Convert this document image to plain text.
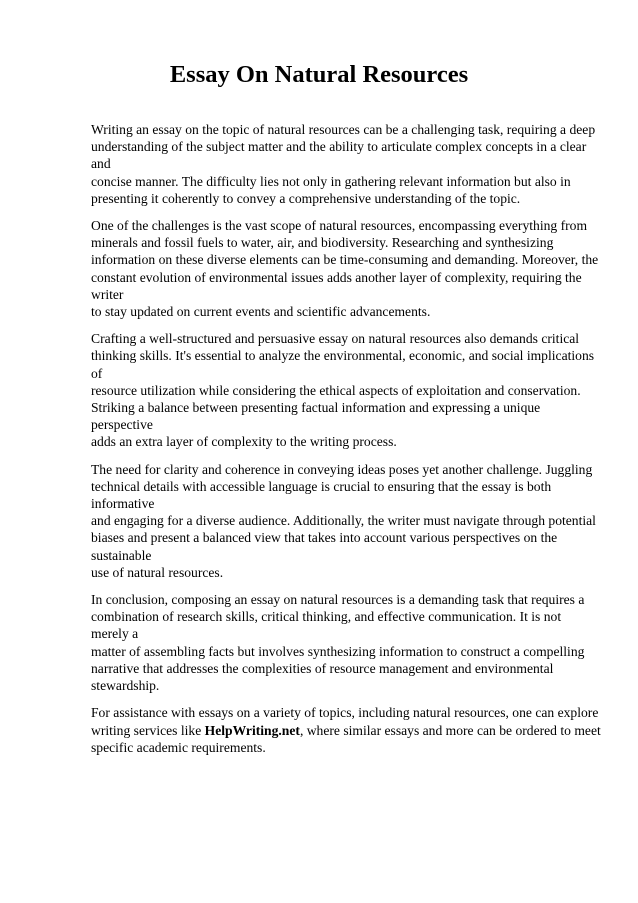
Essay On Natural Resources

Writing an essay on the topic of natural resources can be a challenging task, requiring a deep
understanding of the subject matter and the ability to articulate complex concepts in a clear and
concise manner. The difficulty lies not only in gathering relevant information but also in
presenting it coherently to convey a comprehensive understanding of the topic.

One of the challenges is the vast scope of natural resources, encompassing everything from
minerals and fossil fuels to water, air, and biodiversity. Researching and synthesizing
information on these diverse elements can be time-consuming and demanding. Moreover, the
constant evolution of environmental issues adds another layer of complexity, requiring the writer
to stay updated on current events and scientific advancements.

Crafting a well-structured and persuasive essay on natural resources also demands critical
thinking skills. It's essential to analyze the environmental, economic, and social implications of
resource utilization while considering the ethical aspects of exploitation and conservation.
Striking a balance between presenting factual information and expressing a unique perspective
adds an extra layer of complexity to the writing process.

The need for clarity and coherence in conveying ideas poses yet another challenge. Juggling
technical details with accessible language is crucial to ensuring that the essay is both informative
and engaging for a diverse audience. Additionally, the writer must navigate through potential
biases and present a balanced view that takes into account various perspectives on the sustainable
use of natural resources.

In conclusion, composing an essay on natural resources is a demanding task that requires a
combination of research skills, critical thinking, and effective communication. It is not merely a
matter of assembling facts but involves synthesizing information to construct a compelling
narrative that addresses the complexities of resource management and environmental
stewardship.

For assistance with essays on a variety of topics, including natural resources, one can explore
writing services like HelpWriting.net, where similar essays and more can be ordered to meet
specific academic requirements.
